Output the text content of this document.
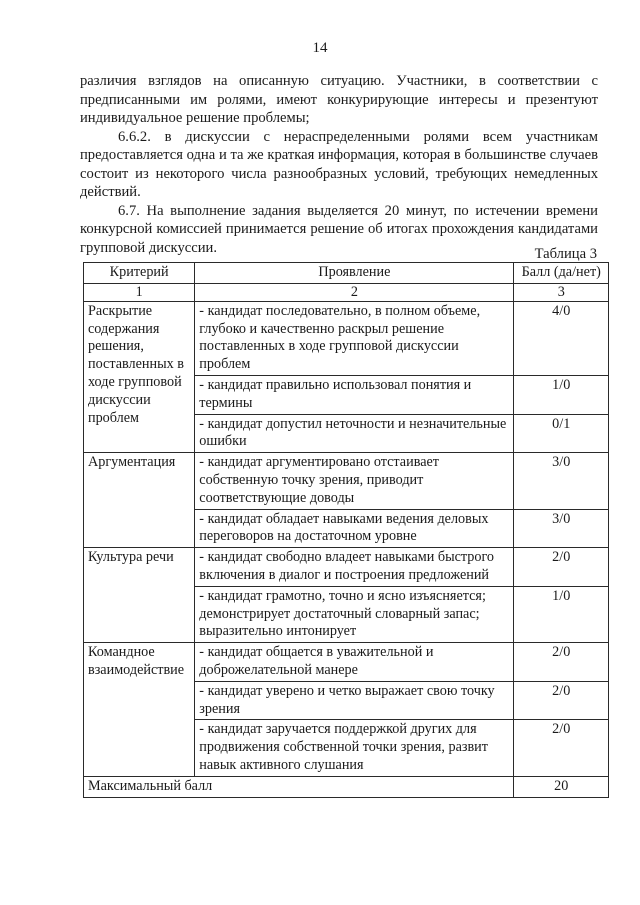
14

различия взглядов на описанную ситуацию. Участники, в соответствии с предписанными им ролями, имеют конкурирующие интересы и презентуют индивидуальное решение проблемы;

6.6.2. в дискуссии с нераспределенными ролями всем участникам предоставляется одна и та же краткая информация, которая в большинстве случаев состоит из некоторого числа разнообразных условий, требующих немедленных действий.

6.7. На выполнение задания выделяется 20 минут, по истечении времени конкурсной комиссией принимается решение об итогах прохождения кандидатами групповой дискуссии.	Таблица 3
Критерий	Проявление	Балл (да/нет)
1	2	3
Раскрытие содержания решения, поставленных в ходе групповой дискуссии проблем	- кандидат последовательно, в полном объеме, глубоко и качественно раскрыл решение поставленных в ходе групповой дискуссии проблем	4/0
	- кандидат правильно использовал понятия и термины	1/0
	- кандидат допустил неточности и незначительные ошибки	0/1
Аргументация	- кандидат аргументировано отстаивает собственную точку зрения, приводит соответствующие доводы	3/0
	- кандидат обладает навыками ведения деловых переговоров на достаточном уровне	3/0
Культура речи	- кандидат свободно владеет навыками быстрого включения в диалог и построения предложений	2/0
	- кандидат грамотно, точно и ясно изъясняется; демонстрирует достаточный словарный запас; выразительно интонирует	1/0
Командное взаимодействие	- кандидат общается в уважительной и доброжелательной манере	2/0
	- кандидат уверено и четко выражает свою точку зрения	2/0
	- кандидат заручается поддержкой других для продвижения собственной точки зрения, развит навык активного слушания	2/0
Максимальный балл		20
